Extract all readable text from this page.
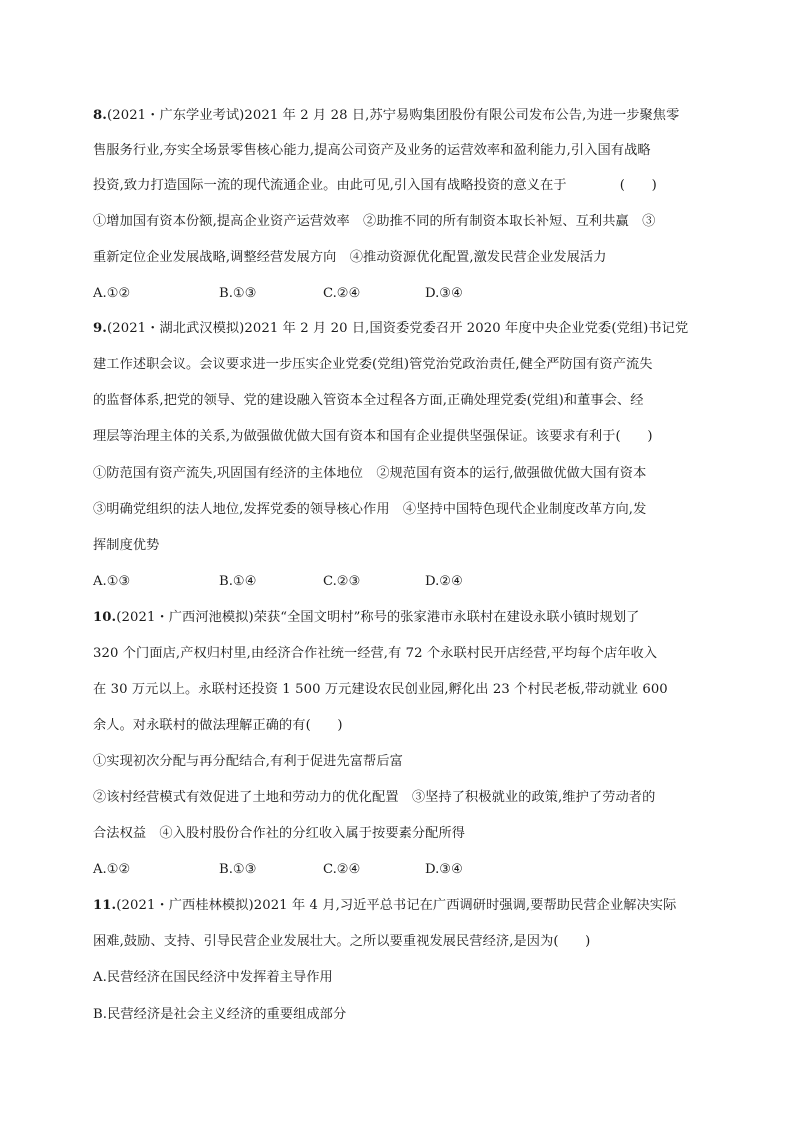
8.(2021・广东学业考试)2021 年 2 月 28 日,苏宁易购集团股份有限公司发布公告,为进一步聚焦零
售服务行业,夯实全场景零售核心能力,提高公司资产及业务的运营效率和盈利能力,引入国有战略
投资,致力打造国际一流的现代流通企业。由此可见,引入国有战略投资的意义在于　　　　(　　)
①增加国有资本份额,提高企业资产运营效率　②助推不同的所有制资本取长补短、互利共赢　③
重新定位企业发展战略,调整经营发展方向　④推动资源优化配置,激发民营企业发展活力
A.①②	B.①③	C.②④	D.③④
9.(2021・湖北武汉模拟)2021 年 2 月 20 日,国资委党委召开 2020 年度中央企业党委(党组)书记党
建工作述职会议。会议要求进一步压实企业党委(党组)管党治党政治责任,健全严防国有资产流失
的监督体系,把党的领导、党的建设融入管资本全过程各方面,正确处理党委(党组)和董事会、经
理层等治理主体的关系,为做强做优做大国有资本和国有企业提供坚强保证。该要求有利于(　　)
①防范国有资产流失,巩固国有经济的主体地位　②规范国有资本的运行,做强做优做大国有资本
③明确党组织的法人地位,发挥党委的领导核心作用　④坚持中国特色现代企业制度改革方向,发
挥制度优势
A.①③	B.①④	C.②③	D.②④
10.(2021・广西河池模拟)荣获“全国文明村”称号的张家港市永联村在建设永联小镇时规划了
320 个门面店,产权归村里,由经济合作社统一经营,有 72 个永联村民开店经营,平均每个店年收入
在 30 万元以上。永联村还投资 1 500 万元建设农民创业园,孵化出 23 个村民老板,带动就业 600
余人。对永联村的做法理解正确的有(　　)
①实现初次分配与再分配结合,有利于促进先富帮后富
②该村经营模式有效促进了土地和劳动力的优化配置　③坚持了积极就业的政策,维护了劳动者的
合法权益　④入股村股份合作社的分红收入属于按要素分配所得
A.①②	B.①③	C.②④	D.③④
11.(2021・广西桂林模拟)2021 年 4 月,习近平总书记在广西调研时强调,要帮助民营企业解决实际
困难,鼓励、支持、引导民营企业发展壮大。之所以要重视发展民营经济,是因为(　　)
A.民营经济在国民经济中发挥着主导作用
B.民营经济是社会主义经济的重要组成部分
